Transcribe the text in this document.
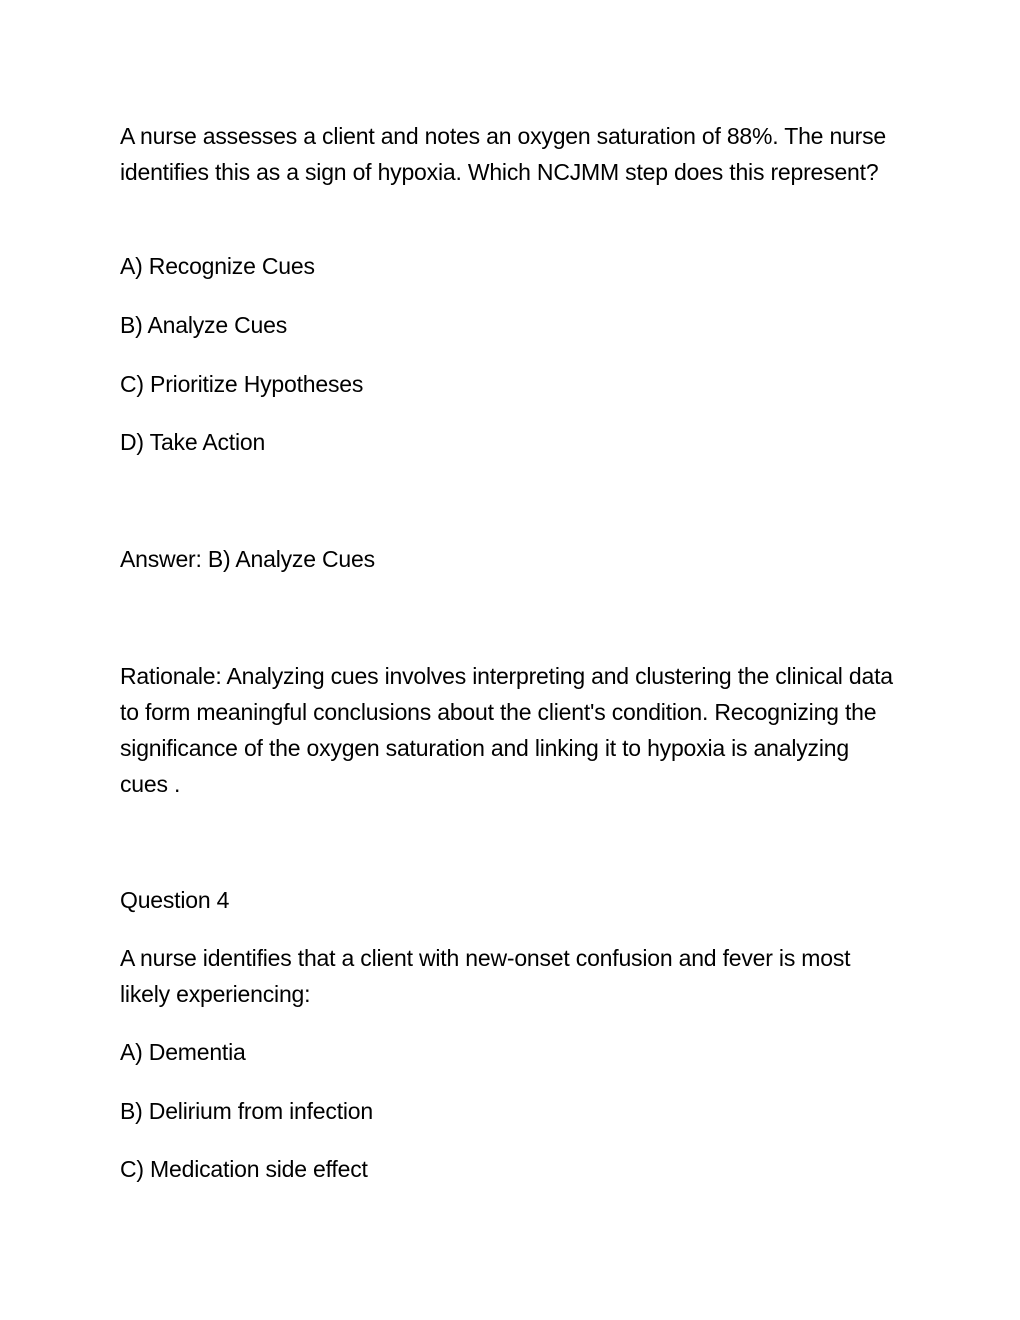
A nurse assesses a client and notes an oxygen saturation of 88%. The nurse identifies this as a sign of hypoxia. Which NCJMM step does this represent?

A) Recognize Cues

B) Analyze Cues

C) Prioritize Hypotheses

D) Take Action

Answer: B) Analyze Cues

Rationale: Analyzing cues involves interpreting and clustering the clinical data to form meaningful conclusions about the client's condition. Recognizing the significance of the oxygen saturation and linking it to hypoxia is analyzing cues .

Question 4

A nurse identifies that a client with new-onset confusion and fever is most likely experiencing:

A) Dementia

B) Delirium from infection

C) Medication side effect
